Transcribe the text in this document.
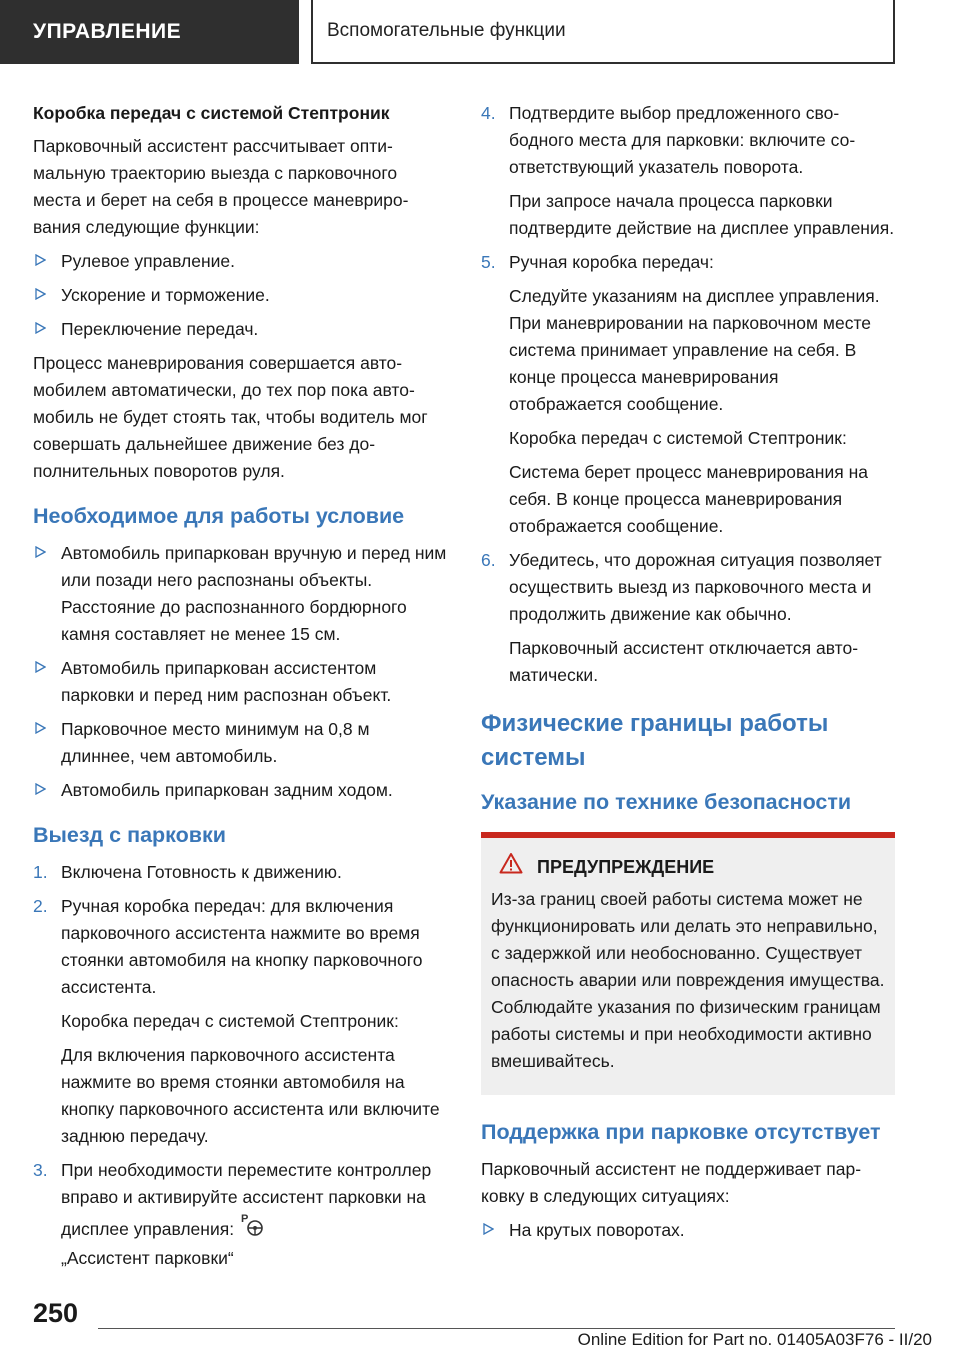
УПРАВЛЕНИЕ	Вспомогательные функции

Коробка передач с системой Стептроник

Парковочный ассистент рассчитывает оптимальную траекторию выезда с парковочного места и берет на себя в процессе маневрирования следующие функции:

Рулевое управление.

Ускорение и торможение.

Переключение передач.

Процесс маневрирования совершается автомобилем автоматически, до тех пор пока автомобиль не будет стоять так, чтобы водитель мог совершать дальнейшее движение без дополнительных поворотов руля.

Необходимое для работы условие

Автомобиль припаркован вручную и перед ним или позади него распознаны объекты. Расстояние до распознанного бордюрного камня составляет не менее 15 см.

Автомобиль припаркован ассистентом парковки и перед ним распознан объект.

Парковочное место минимум на 0,8 м длиннее, чем автомобиль.

Автомобиль припаркован задним ходом.

Выезд с парковки

1. Включена Готовность к движению.

2. Ручная коробка передач: для включения парковочного ассистента нажмите во время стоянки автомобиля на кнопку парковочного ассистента.

Коробка передач с системой Стептроник:

Для включения парковочного ассистента нажмите во время стоянки автомобиля на кнопку парковочного ассистента или включите заднюю передачу.

3. При необходимости переместите контроллер вправо и активируйте ассистент парковки на дисплее управления: P

„Ассистент парковки“

4. Подтвердите выбор предложенного свободного места для парковки: включите соответствующий указатель поворота.

При запросе начала процесса парковки подтвердите действие на дисплее управления.

5. Ручная коробка передач:

Следуйте указаниям на дисплее управления. При маневрировании на парковочном месте система принимает управление на себя. В конце процесса маневрирования отображается сообщение.

Коробка передач с системой Стептроник:

Система берет процесс маневрирования на себя. В конце процесса маневрирования отображается сообщение.

6. Убедитесь, что дорожная ситуация позволяет осуществить выезд из парковочного места и продолжить движение как обычно.

Парковочный ассистент отключается автоматически.

Физические границы работы системы

Указание по технике безопасности

ПРЕДУПРЕЖДЕНИЕ

Из-за границ своей работы система может не функционировать или делать это неправильно, с задержкой или необоснованно. Существует опасность аварии или повреждения имущества. Соблюдайте указания по физическим границам работы системы и при необходимости активно вмешивайтесь.

Поддержка при парковке отсутствует

Парковочный ассистент не поддерживает парковку в следующих ситуациях:

На крутых поворотах.

250
Online Edition for Part no. 01405A03F76 - II/20
